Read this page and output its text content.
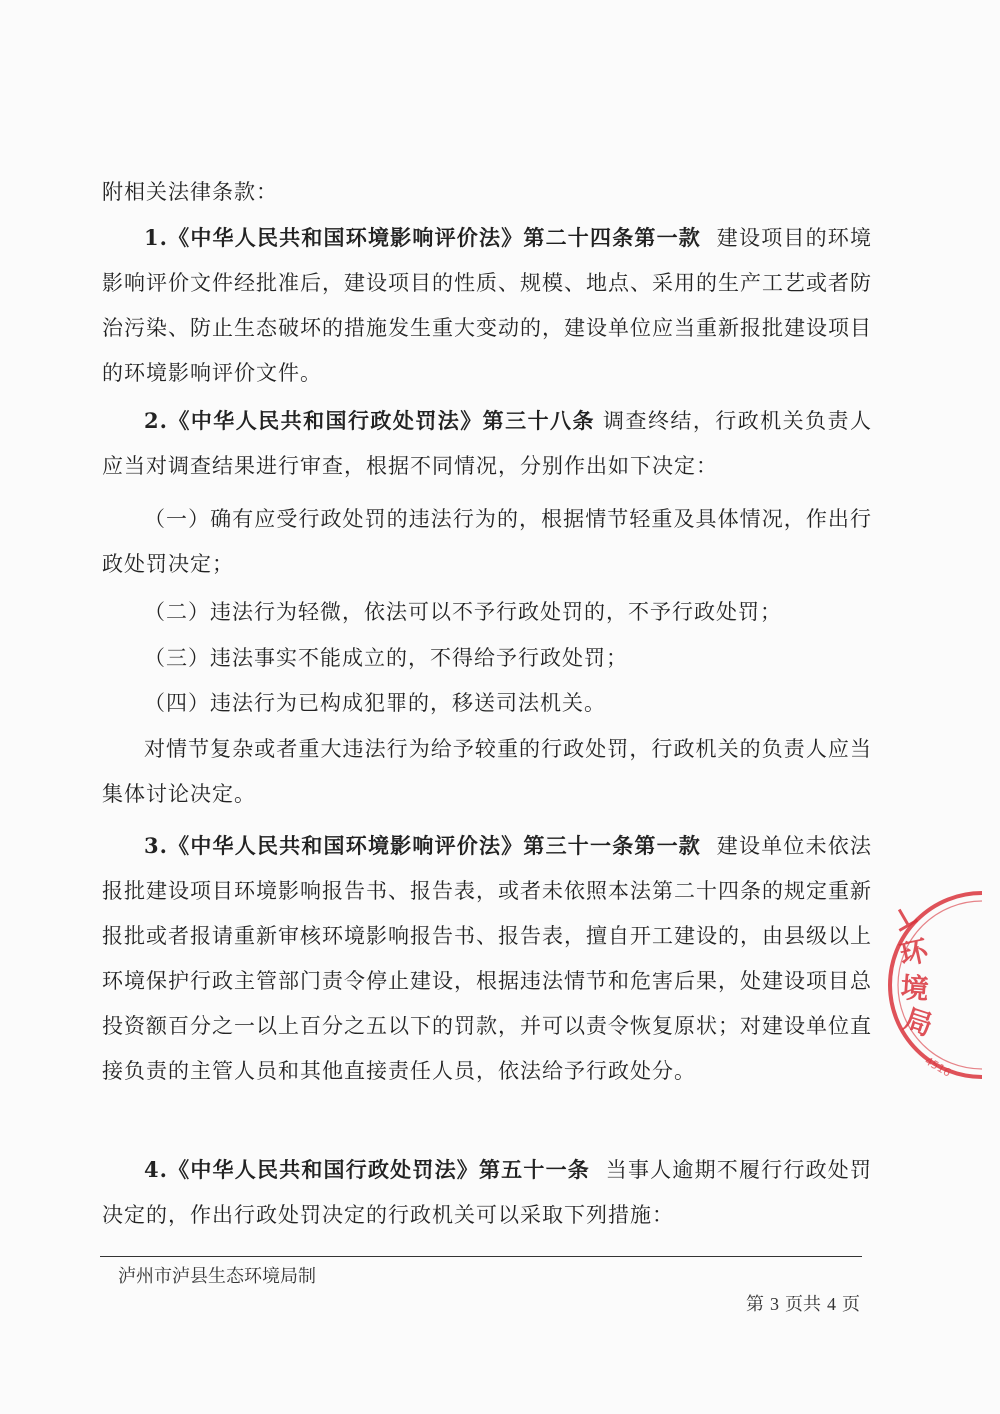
附相关法律条款：
1.《中华人民共和国环境影响评价法》第二十四条第一款 建设项目的环境影响评价文件经批准后，建设项目的性质、规模、地点、采用的生产工艺或者防治污染、防止生态破坏的措施发生重大变动的，建设单位应当重新报批建设项目的环境影响评价文件。
2.《中华人民共和国行政处罚法》第三十八条 调查终结，行政机关负责人应当对调查结果进行审查，根据不同情况，分别作出如下决定：
（一）确有应受行政处罚的违法行为的，根据情节轻重及具体情况，作出行政处罚决定；
（二）违法行为轻微，依法可以不予行政处罚的，不予行政处罚；
（三）违法事实不能成立的，不得给予行政处罚；
（四）违法行为已构成犯罪的，移送司法机关。
对情节复杂或者重大违法行为给予较重的行政处罚，行政机关的负责人应当集体讨论决定。
3.《中华人民共和国环境影响评价法》第三十一条第一款 建设单位未依法报批建设项目环境影响报告书、报告表，或者未依照本法第二十四条的规定重新报批或者报请重新审核环境影响报告书、报告表，擅自开工建设的，由县级以上环境保护行政主管部门责令停止建设，根据违法情节和危害后果，处建设项目总投资额百分之一以上百分之五以下的罚款，并可以责令恢复原状；对建设单位直接负责的主管人员和其他直接责任人员，依法给予行政处分。
4.《中华人民共和国行政处罚法》第五十一条 当事人逾期不履行行政处罚决定的，作出行政处罚决定的行政机关可以采取下列措施：
泸州市泸县生态环境局制
第 3 页共 4 页
⊥
环
境
局
4516
